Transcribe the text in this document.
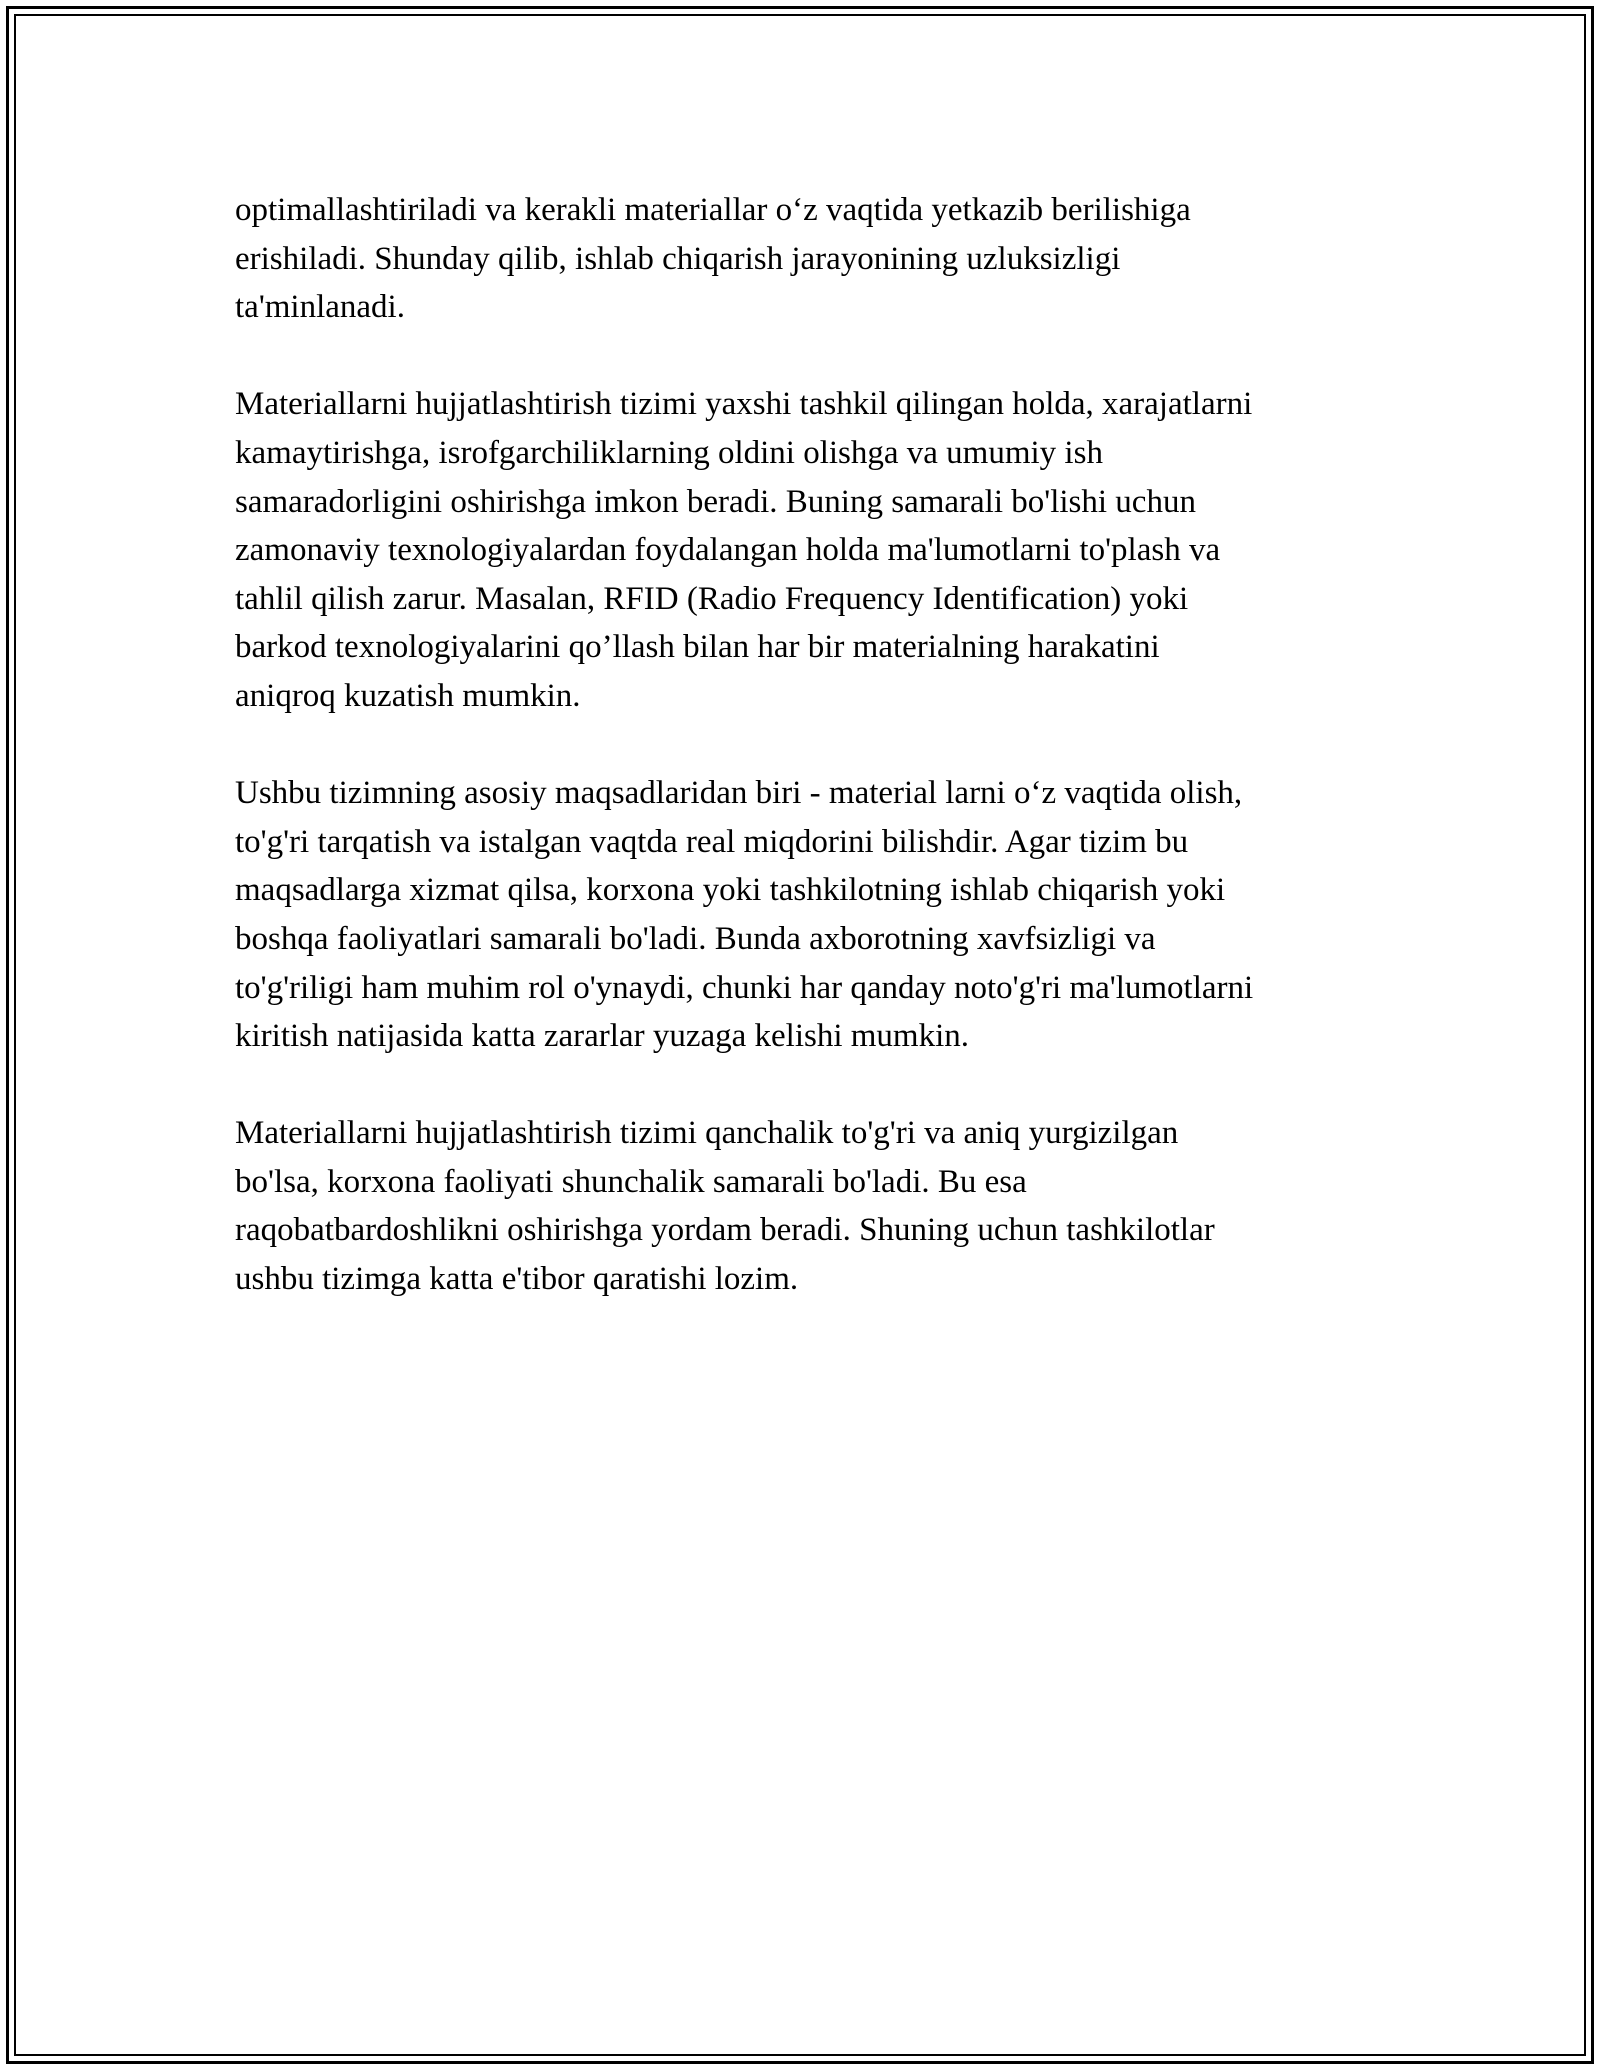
optimallashtiriladi va kerakli materiallar o‘z vaqtida yetkazib berilishiga
erishiladi. Shunday qilib, ishlab chiqarish jarayonining uzluksizligi
ta'minlanadi.

Materiallarni hujjatlashtirish tizimi yaxshi tashkil qilingan holda, xarajatlarni
kamaytirishga, isrofgarchiliklarning oldini olishga va umumiy ish
samaradorligini oshirishga imkon beradi. Buning samarali bo'lishi uchun
zamonaviy texnologiyalardan foydalangan holda ma'lumotlarni to'plash va
tahlil qilish zarur. Masalan, RFID (Radio Frequency Identification) yoki
barkod texnologiyalarini qo’llash bilan har bir materialning harakatini
aniqroq kuzatish mumkin.

Ushbu tizimning asosiy maqsadlaridan biri - material larni o‘z vaqtida olish,
to'g'ri tarqatish va istalgan vaqtda real miqdorini bilishdir. Agar tizim bu
maqsadlarga xizmat qilsa, korxona yoki tashkilotning ishlab chiqarish yoki
boshqa faoliyatlari samarali bo'ladi. Bunda axborotning xavfsizligi va
to'g'riligi ham muhim rol o'ynaydi, chunki har qanday noto'g'ri ma'lumotlarni
kiritish natijasida katta zararlar yuzaga kelishi mumkin.

Materiallarni hujjatlashtirish tizimi qanchalik to'g'ri va aniq yurgizilgan
bo'lsa, korxona faoliyati shunchalik samarali bo'ladi. Bu esa
raqobatbardoshlikni oshirishga yordam beradi. Shuning uchun tashkilotlar
ushbu tizimga katta e'tibor qaratishi lozim.
